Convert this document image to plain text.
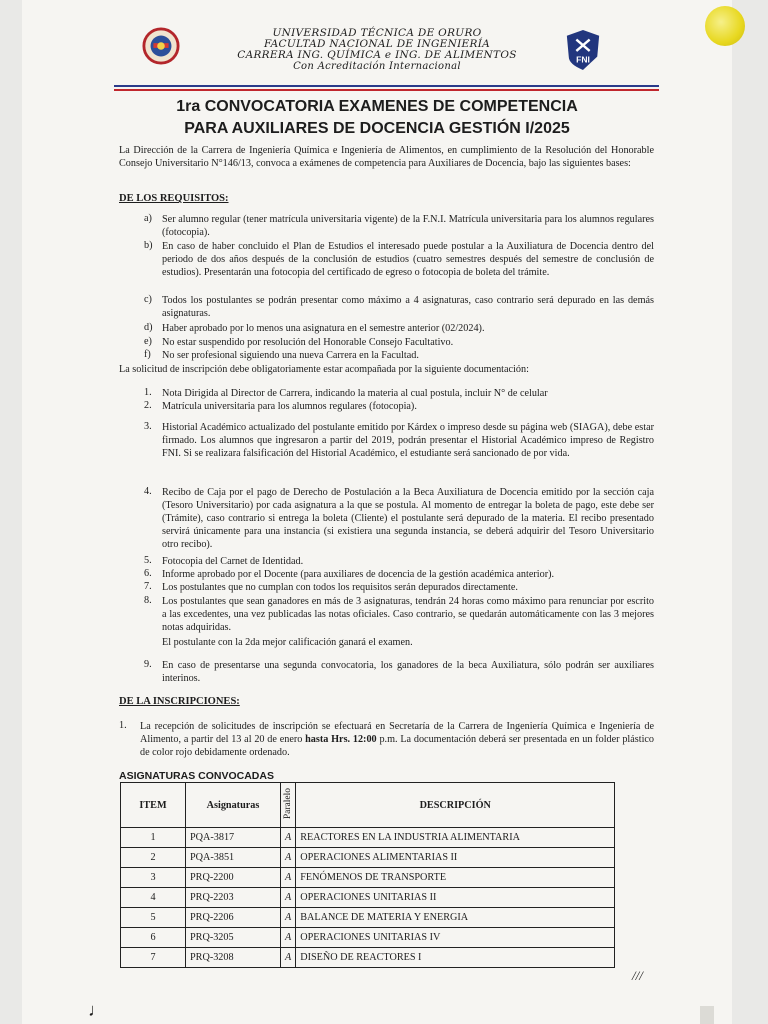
FNI
UNIVERSIDAD TÉCNICA DE ORURO
FACULTAD NACIONAL DE INGENIERÍA
CARRERA ING. QUÍMICA e ING. DE ALIMENTOS
Con Acreditación Internacional
1ra CONVOCATORIA EXAMENES DE COMPETENCIA
PARA AUXILIARES DE DOCENCIA GESTIÓN I/2025
La Dirección de la Carrera de Ingeniería Química e Ingeniería de Alimentos, en cumplimiento de la Resolución del Honorable Consejo Universitario N°146/13, convoca a exámenes de competencia para Auxiliares de Docencia, bajo las siguientes bases:
DE LOS REQUISITOS:
a) Ser alumno regular (tener matrícula universitaria vigente) de la F.N.I. Matrícula universitaria para los alumnos regulares (fotocopia).
b) En caso de haber concluido el Plan de Estudios el interesado puede postular a la Auxiliatura de Docencia dentro del periodo de dos años después de la conclusión de estudios (cuatro semestres después del semestre de conclusión de estudios). Presentarán una fotocopia del certificado de egreso o fotocopia de boleta del trámite.
c) Todos los postulantes se podrán presentar como máximo a 4 asignaturas, caso contrario será depurado en las demás asignaturas.
d) Haber aprobado por lo menos una asignatura en el semestre anterior (02/2024).
e) No estar suspendido por resolución del Honorable Consejo Facultativo.
f) No ser profesional siguiendo una nueva Carrera en la Facultad.
La solicitud de inscripción debe obligatoriamente estar acompañada por la siguiente documentación:
1. Nota Dirigida al Director de Carrera, indicando la materia al cual postula, incluir N° de celular
2. Matrícula universitaria para los alumnos regulares (fotocopia).
3. Historial Académico actualizado del postulante emitido por Kárdex o impreso desde su página web (SIAGA), debe estar firmado. Los alumnos que ingresaron a partir del 2019, podrán presentar el Historial Académico impreso de Registro FNI. Si se realizara falsificación del Historial Académico, el estudiante será sancionado de por vida.
4. Recibo de Caja por el pago de Derecho de Postulación a la Beca Auxiliatura de Docencia emitido por la sección caja (Tesoro Universitario) por cada asignatura a la que se postula. Al momento de entregar la boleta de pago, este debe ser (Trámite), caso contrario si entrega la boleta (Cliente) el postulante será depurado de la materia. El recibo presentado servirá únicamente para una instancia (si existiera una segunda instancia, se deberá adquirir del Tesoro Universitario otro recibo).
5. Fotocopia del Carnet de Identidad.
6. Informe aprobado por el Docente (para auxiliares de docencia de la gestión académica anterior).
7. Los postulantes que no cumplan con todos los requisitos serán depurados directamente.
8. Los postulantes que sean ganadores en más de 3 asignaturas, tendrán 24 horas como máximo para renunciar por escrito a las excedentes, una vez publicadas las notas oficiales. Caso contrario, se quedarán automáticamente con las 3 mejores notas adquiridas.
El postulante con la 2da mejor calificación ganará el examen.
9. En caso de presentarse una segunda convocatoria, los ganadores de la beca Auxiliatura, sólo podrán ser auxiliares interinos.
DE LA INSCRIPCIONES:
1. La recepción de solicitudes de inscripción se efectuará en Secretaría de la Carrera de Ingeniería Química e Ingeniería de Alimento, a partir del 13 al 20 de enero hasta Hrs. 12:00 p.m. La documentación deberá ser presentada en un folder plástico de color rojo debidamente ordenado.
ASIGNATURAS CONVOCADAS
ITEM	Asignaturas	Paralelo	DESCRIPCIÓN
1	PQA-3817	A	REACTORES EN LA INDUSTRIA ALIMENTARIA
2	PQA-3851	A	OPERACIONES ALIMENTARIAS II
3	PRQ-2200	A	FENÓMENOS DE TRANSPORTE
4	PRQ-2203	A	OPERACIONES UNITARIAS II
5	PRQ-2206	A	BALANCE DE MATERIA Y ENERGIA
6	PRQ-3205	A	OPERACIONES UNITARIAS IV
7	PRQ-3208	A	DISEÑO DE REACTORES I
///
♩
